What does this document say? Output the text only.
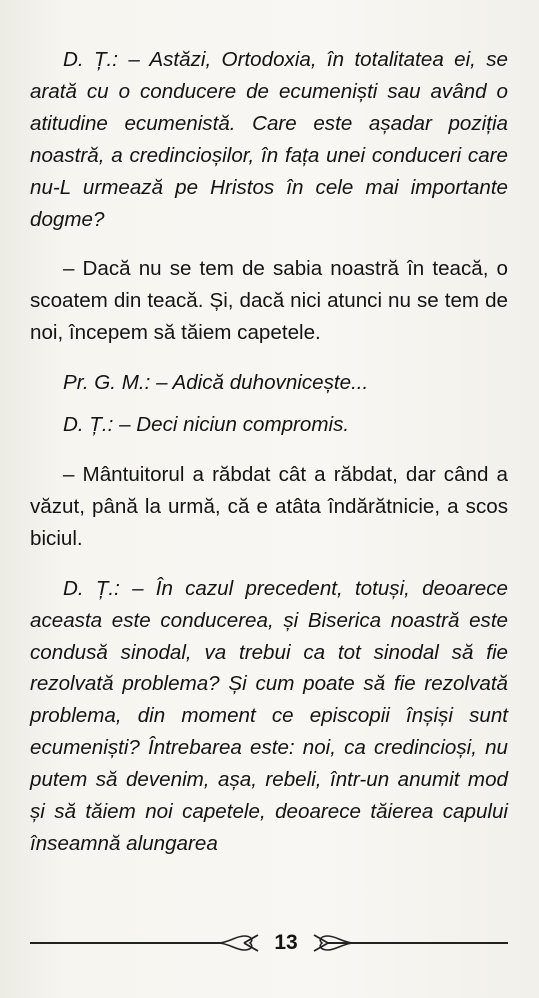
D. Ț.: – Astăzi, Ortodoxia, în totalitatea ei, se arată cu o conducere de ecumeniști sau având o atitudine ecumenistă. Care este așadar poziția noastră, a credincioșilor, în fața unei conduceri care nu-L urmează pe Hristos în cele mai importante dogme?

– Dacă nu se tem de sabia noastră în teacă, o scoatem din teacă. Și, dacă nici atunci nu se tem de noi, începem să tăiem capetele.

Pr. G. M.: – Adică duhovnicește...

D. Ț.: – Deci niciun compromis.

– Mântuitorul a răbdat cât a răbdat, dar când a văzut, până la urmă, că e atâta îndărătnicie, a scos biciul.

D. Ț.: – În cazul precedent, totuși, deoarece aceasta este conducerea, și Biserica noastră este condusă sinodal, va trebui ca tot sinodal să fie rezolvată problema? Și cum poate să fie rezolvată problema, din moment ce episcopii înșiși sunt ecumeniști? Întrebarea este: noi, ca credincioși, nu putem să devenim, așa, rebeli, într-un anumit mod și să tăiem noi capetele, deoarece tăierea capului înseamnă alungarea

13
